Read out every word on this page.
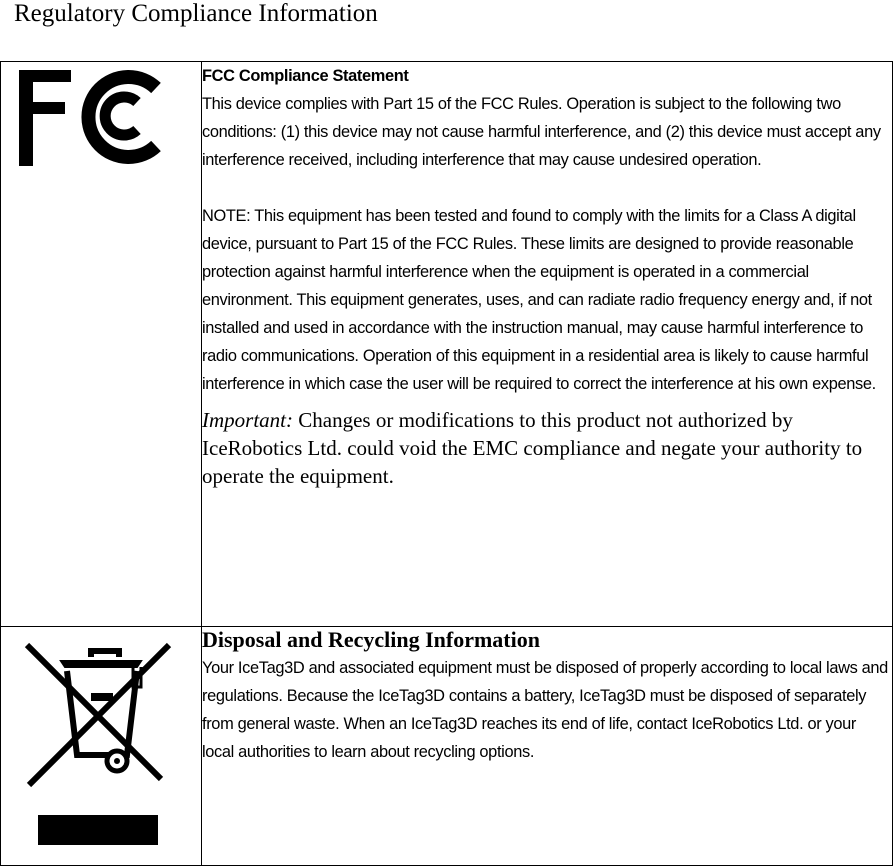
Regulatory Compliance Information

FCC Compliance Statement

This device complies with Part 15 of the FCC Rules. Operation is subject to the following two conditions: (1) this device may not cause harmful interference, and (2) this device must accept any interference received, including interference that may cause undesired operation.

NOTE: This equipment has been tested and found to comply with the limits for a Class A digital device, pursuant to Part 15 of the FCC Rules. These limits are designed to provide reasonable protection against harmful interference when the equipment is operated in a commercial environment. This equipment generates, uses, and can radiate radio frequency energy and, if not installed and used in accordance with the instruction manual, may cause harmful interference to radio communications. Operation of this equipment in a residential area is likely to cause harmful interference in which case the user will be required to correct the interference at his own expense.

Important: Changes or modifications to this product not authorized by IceRobotics Ltd. could void the EMC compliance and negate your authority to operate the equipment.

Disposal and Recycling Information

Your IceTag3D and associated equipment must be disposed of properly according to local laws and regulations. Because the IceTag3D contains a battery, IceTag3D must be disposed of separately from general waste. When an IceTag3D reaches its end of life, contact IceRobotics Ltd. or your local authorities to learn about recycling options.
